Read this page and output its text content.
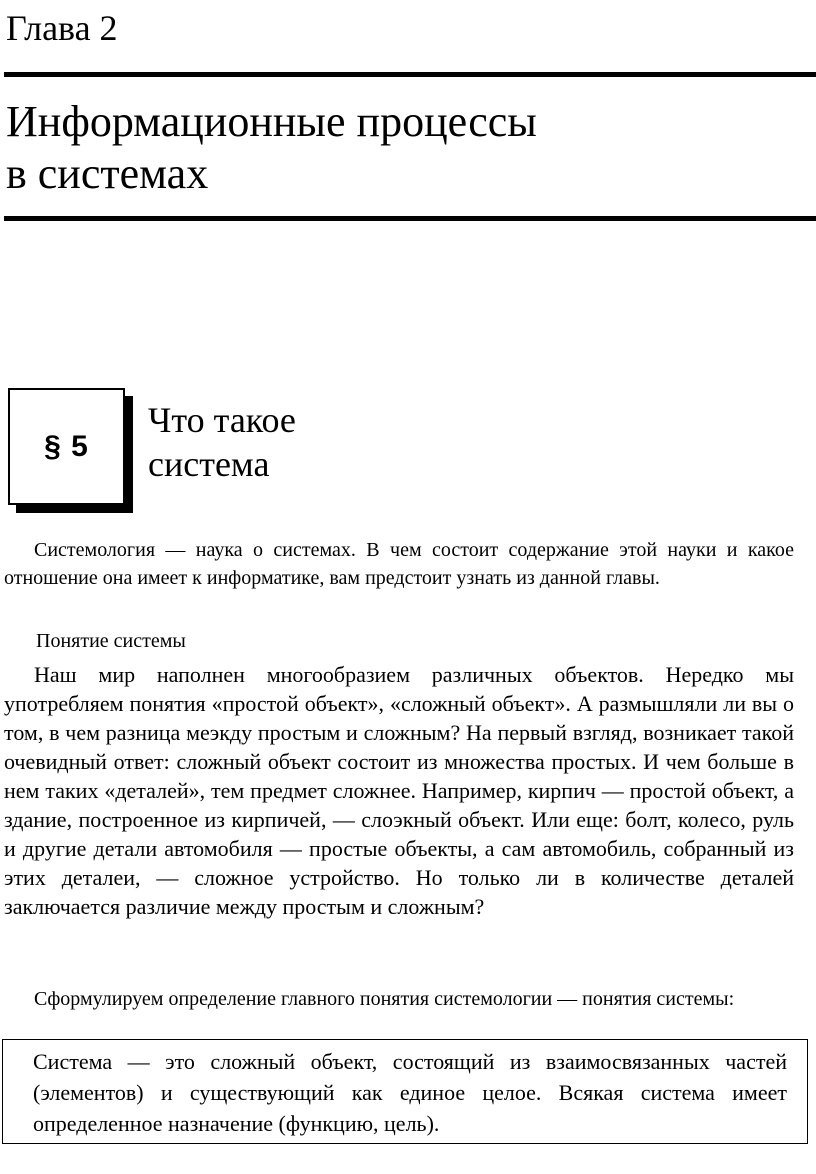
Глава 2
Информационные процессы
в системах
§ 5
Что такое
система

Системология — наука о системах. В чем состоит содержание этой науки и какое отношение она имеет к информатике, вам предстоит узнать из данной главы.

Понятие системы

Наш мир наполнен многообразием различных объектов. Нередко мы употребляем понятия «простой объект», «сложный объект». А размышляли ли вы о том, в чем разница меэкду простым и сложным? На первый взгляд, возникает такой очевидный ответ: сложный объект состоит из множества простых. И чем больше в нем таких «деталей», тем предмет сложнее. Например, кирпич — простой объект, а здание, построенное из кирпичей, — слоэкный объект. Или еще: болт, колесо, руль и другие детали автомобиля — простые объекты, а сам автомобиль, собранный из этих деталеи, — сложное устройство. Но только ли в количестве деталей заключается различие между простым и сложным?

Сформулируем определение главного понятия системологии — понятия системы:

Система — это сложный объект, состоящий из взаимосвязанных частей (элементов) и существующий как единое целое. Всякая система имеет определенное назначение (функцию, цель).
